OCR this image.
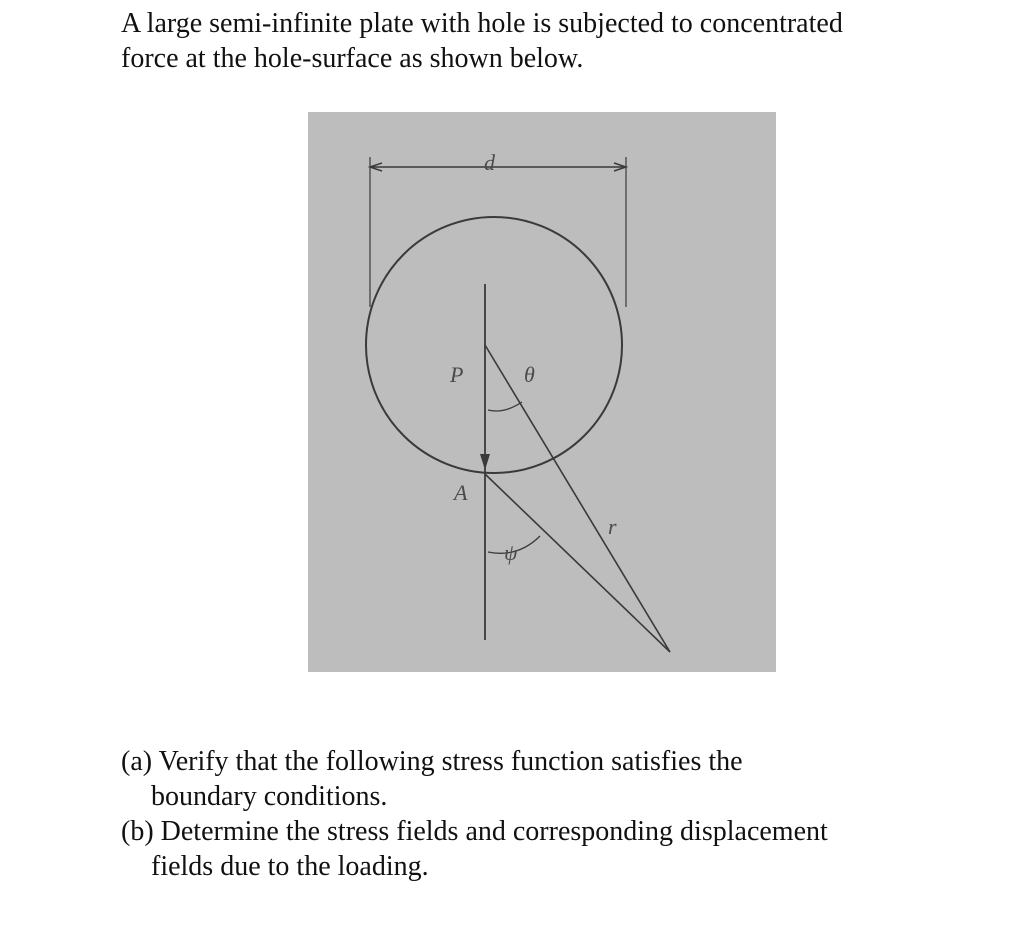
A large semi-infinite plate with hole is subjected to concentrated
force at the hole-surface as shown below.

d
P	θ
A
r
ψ
(a) Verify that the following stress function satisfies the
boundary conditions.
(b) Determine the stress fields and corresponding displacement
fields due to the loading.
